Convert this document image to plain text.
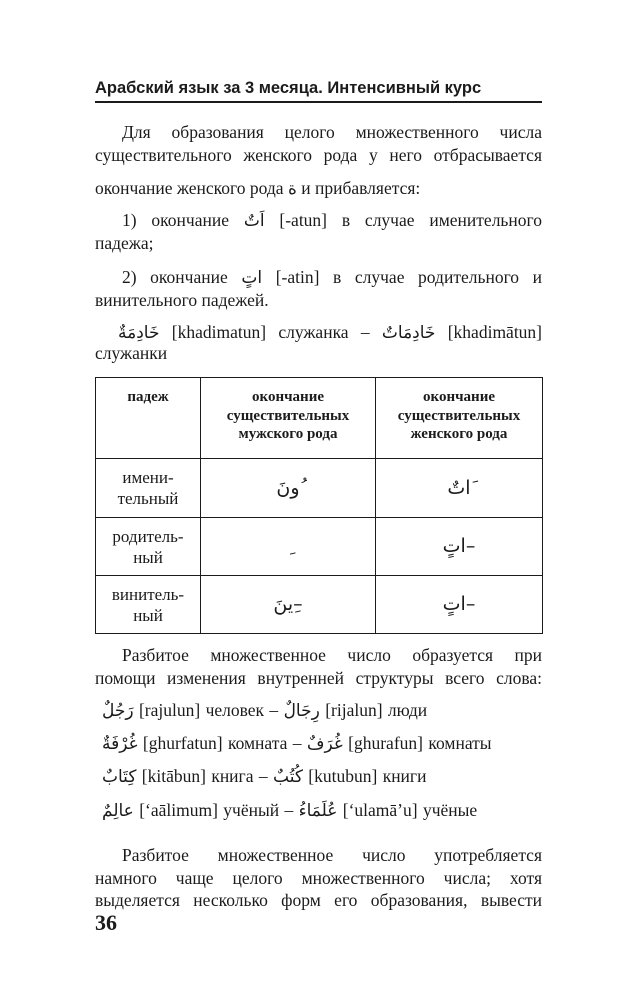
Арабский язык за 3 месяца. Интенсивный курс
Для образования целого множественного числа
существительного женского рода у него отбрасывается
окончание женского рода ة и прибавляется:
1) окончание اَتٌ [-atun] в случае именительного
падежа;
2) окончание اتٍ [-atin] в случае родительного и
винительного падежей.
خَادِمَةٌ [khadimatun] служанка – خَادِمَاتٌ [khadimātun]
служанки
падеж	окончание
существительных
мужского рода	окончание
существительных
женского рода

имени-
тельный	ُونَ	َاتٌ

родитель-
ный		–اتٍ

винитель-
ный	–ِينَ	–اتٍ
Разбитое множественное число образуется при
помощи изменения внутренней структуры всего слова:
رَجُلٌ [rajulun] человек – رِجَالٌ [rijalun] люди
غُرْفَةٌ [ghurfatun] комната – غُرَفٌ [ghurafun] комнаты
كِتَابٌ [kitābun] книга – كُتُبٌ [kutubun] книги
عالِمٌ [‘aālimum] учёный – عُلَمَاءُ [‘ulamā’u] учёные
Разбитое множественное число употребляется
намного чаще целого множественного числа; хотя
выделяется несколько форм его образования, вывести
36
